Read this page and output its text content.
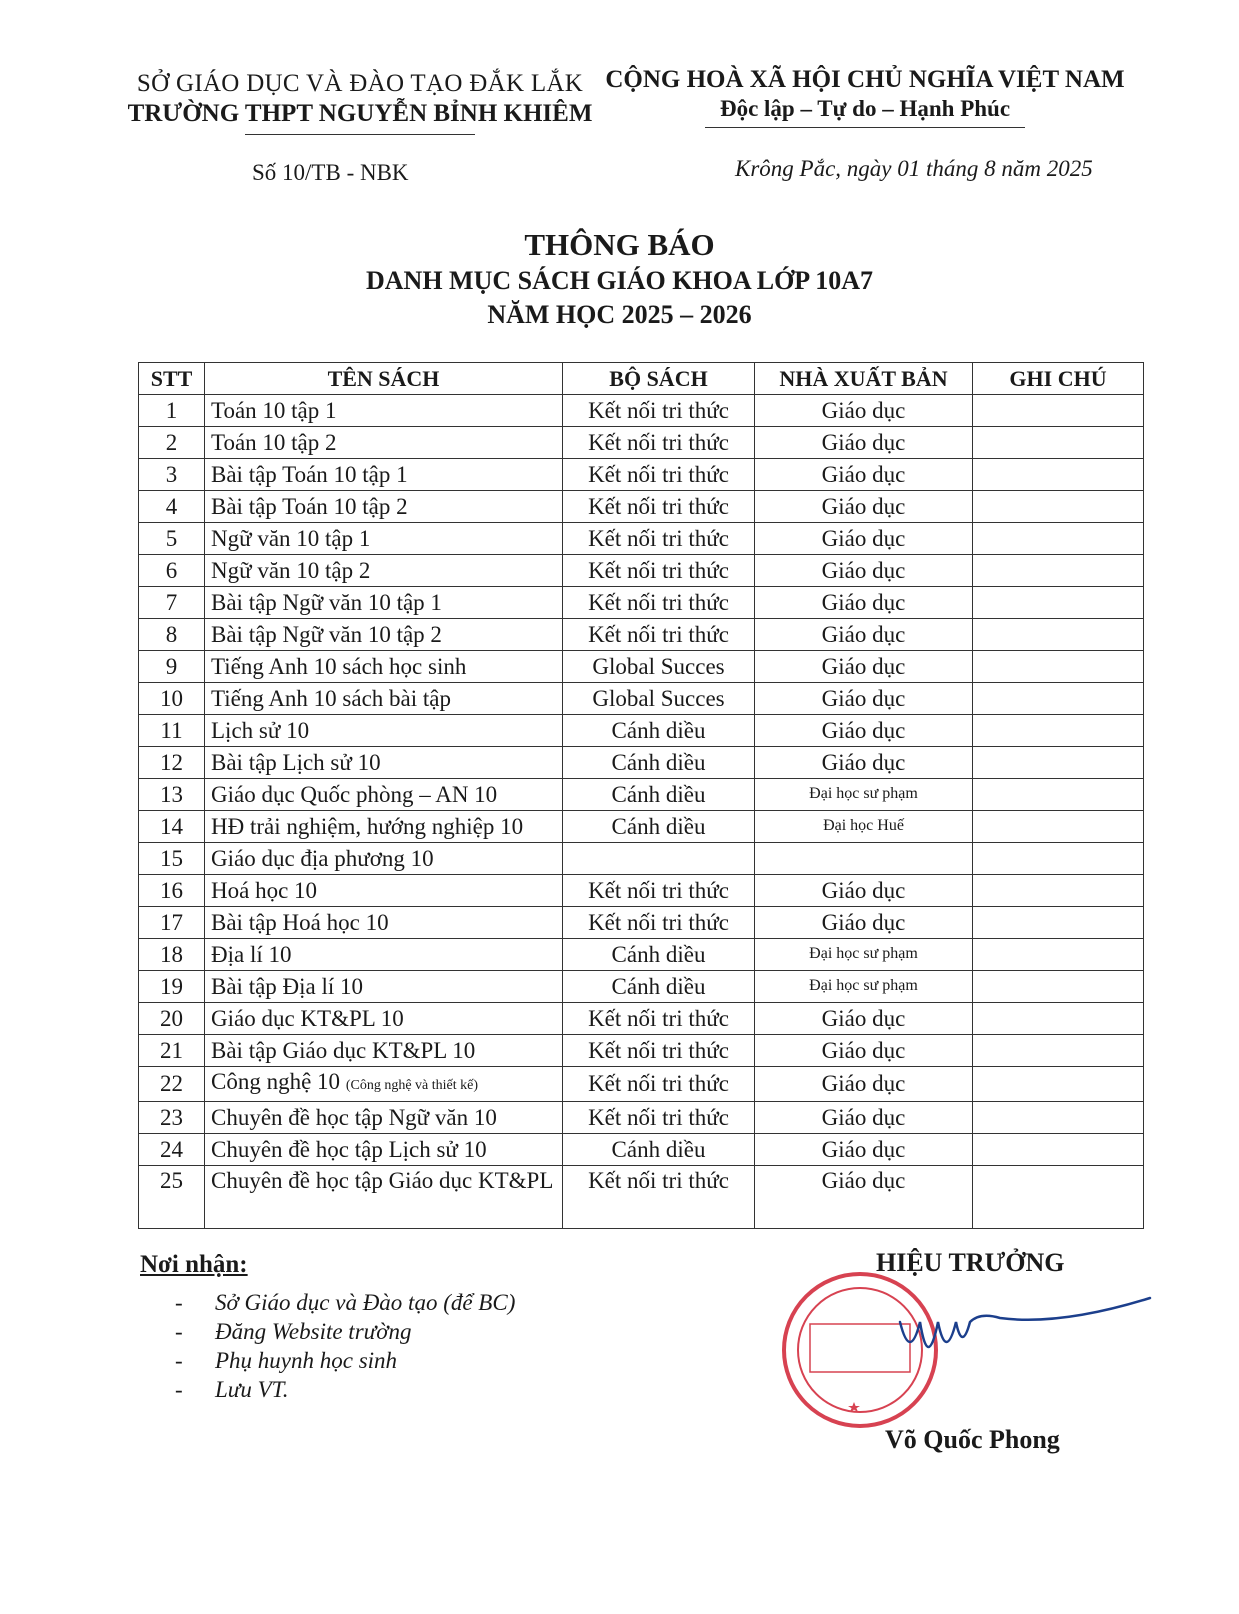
SỞ GIÁO DỤC VÀ ĐÀO TẠO ĐẮK LẮK
TRƯỜNG THPT NGUYỄN BỈNH KHIÊM
CỘNG HOÀ XÃ HỘI CHỦ NGHĨA VIỆT NAM
Độc lập – Tự do – Hạnh Phúc
Số 10/TB - NBK	Krông Pắc, ngày 01 tháng 8 năm 2025
THÔNG BÁO
DANH MỤC SÁCH GIÁO KHOA LỚP 10A7
NĂM HỌC 2025 – 2026
STT	TÊN SÁCH	BỘ SÁCH	NHÀ XUẤT BẢN	GHI CHÚ
1	Toán 10 tập 1	Kết nối tri thức	Giáo dục	
2	Toán 10 tập 2	Kết nối tri thức	Giáo dục	
3	Bài tập Toán 10 tập 1	Kết nối tri thức	Giáo dục	
4	Bài tập Toán 10 tập 2	Kết nối tri thức	Giáo dục	
5	Ngữ văn 10 tập 1	Kết nối tri thức	Giáo dục	
6	Ngữ văn 10 tập 2	Kết nối tri thức	Giáo dục	
7	Bài tập Ngữ văn 10 tập 1	Kết nối tri thức	Giáo dục	
8	Bài tập Ngữ văn 10 tập 2	Kết nối tri thức	Giáo dục	
9	Tiếng Anh 10 sách học sinh	Global Succes	Giáo dục	
10	Tiếng Anh 10 sách bài tập	Global Succes	Giáo dục	
11	Lịch sử 10	Cánh diều	Giáo dục	
12	Bài tập Lịch sử 10	Cánh diều	Giáo dục	
13	Giáo dục Quốc phòng – AN 10	Cánh diều	Đại học sư phạm	
14	HĐ trải nghiệm, hướng nghiệp 10	Cánh diều	Đại học Huế	
15	Giáo dục địa phương 10			
16	Hoá học 10	Kết nối tri thức	Giáo dục	
17	Bài tập Hoá học 10	Kết nối tri thức	Giáo dục	
18	Địa lí 10	Cánh diều	Đại học sư phạm	
19	Bài tập Địa lí 10	Cánh diều	Đại học sư phạm	
20	Giáo dục KT&PL 10	Kết nối tri thức	Giáo dục	
21	Bài tập Giáo dục KT&PL 10	Kết nối tri thức	Giáo dục	
22	Công nghệ 10 (Công nghệ và thiết kế)	Kết nối tri thức	Giáo dục	
23	Chuyên đề học tập Ngữ văn 10	Kết nối tri thức	Giáo dục	
24	Chuyên đề học tập Lịch sử 10	Cánh diều	Giáo dục	
25	Chuyên đề học tập Giáo dục KT&PL	Kết nối tri thức	Giáo dục	
Nơi nhận:
- Sở Giáo dục và Đào tạo (để BC)
- Đăng Website trường
- Phụ huynh học sinh
- Lưu VT.
HIỆU TRƯỞNG
Võ Quốc Phong
